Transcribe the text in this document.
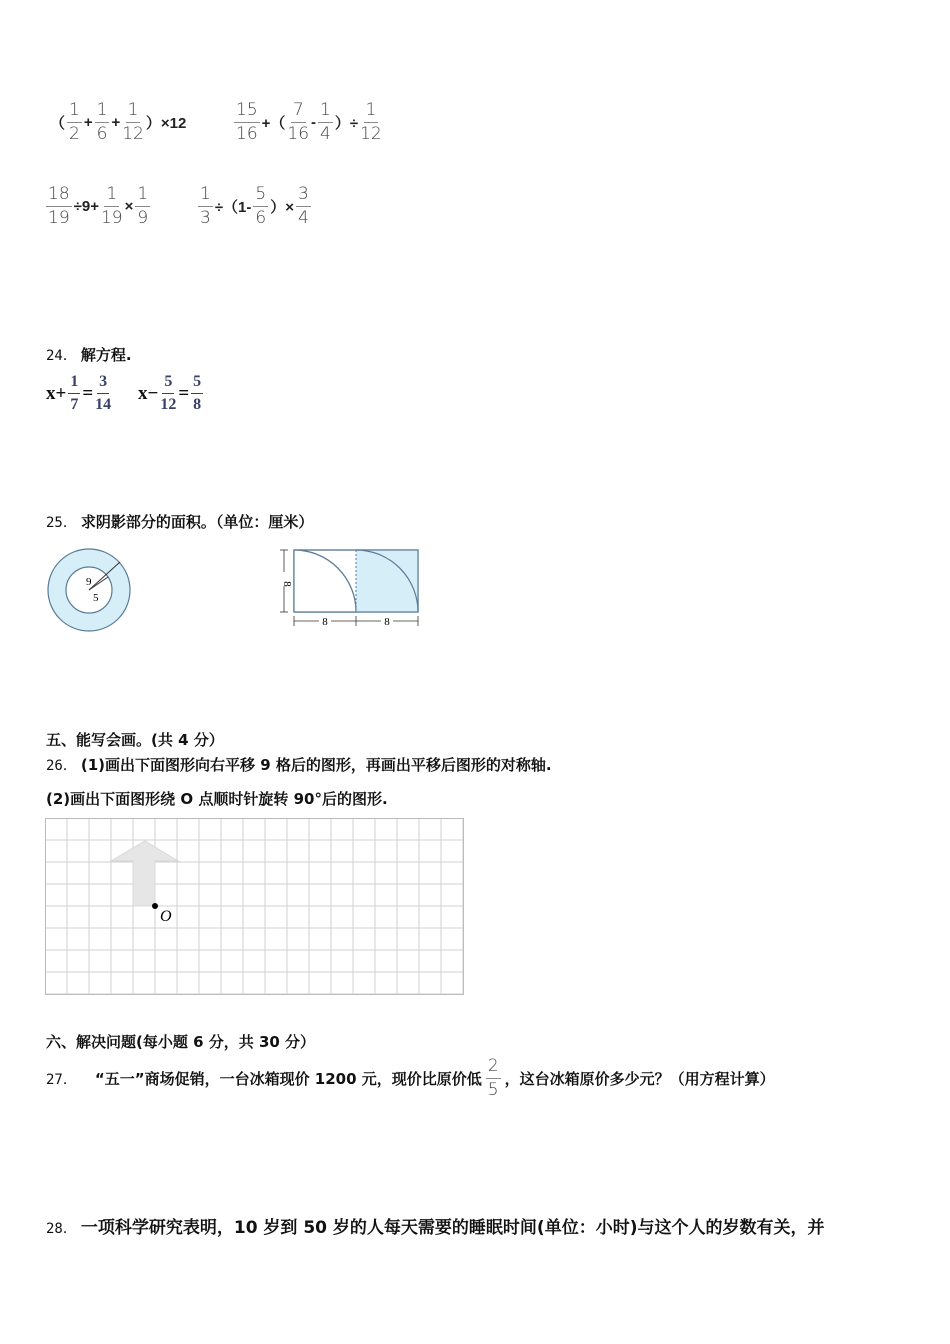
（ $\frac{1}{2} + \frac{1}{6} + \frac{1}{12} )\times 12$	$\frac{15}{16}$ +（ $\frac{7}{16} - \frac{1}{4}$ ）÷ $\frac{1}{12}$
$\frac{18}{19} \div 9+ \frac{1}{19} \times \frac{1}{9}$	$\frac{1}{3} \div(1- \frac{5}{6}$ ）× $\frac{3}{4}$
24． 解方程.
$x+ \frac{1}{7} = \frac{3}{14} x- \frac{5}{12} = \frac{5}{8}$
25． 求阴影部分的面积。（单位：厘米）
9
5
8
8	8
五、能写会画。(共 4 分）
26． (1)画出下面图形向右平移 9 格后的图形，再画出平移后图形的对称轴.
(2)画出下面图形绕 O 点顺时针旋转 90°后的图形.
O
六、解决问题(每小题 6 分，共 30 分）
27． “五一”商场促销，一台冰箱现价 1200 元，现价比原价低 $\frac{2}{5}$ ，这台冰箱原价多少元？（用方程计算）
28． 一项科学研究表明，10 岁到 50 岁的人每天需要的睡眠时间(单位：小时)与这个人的岁数有关，并
